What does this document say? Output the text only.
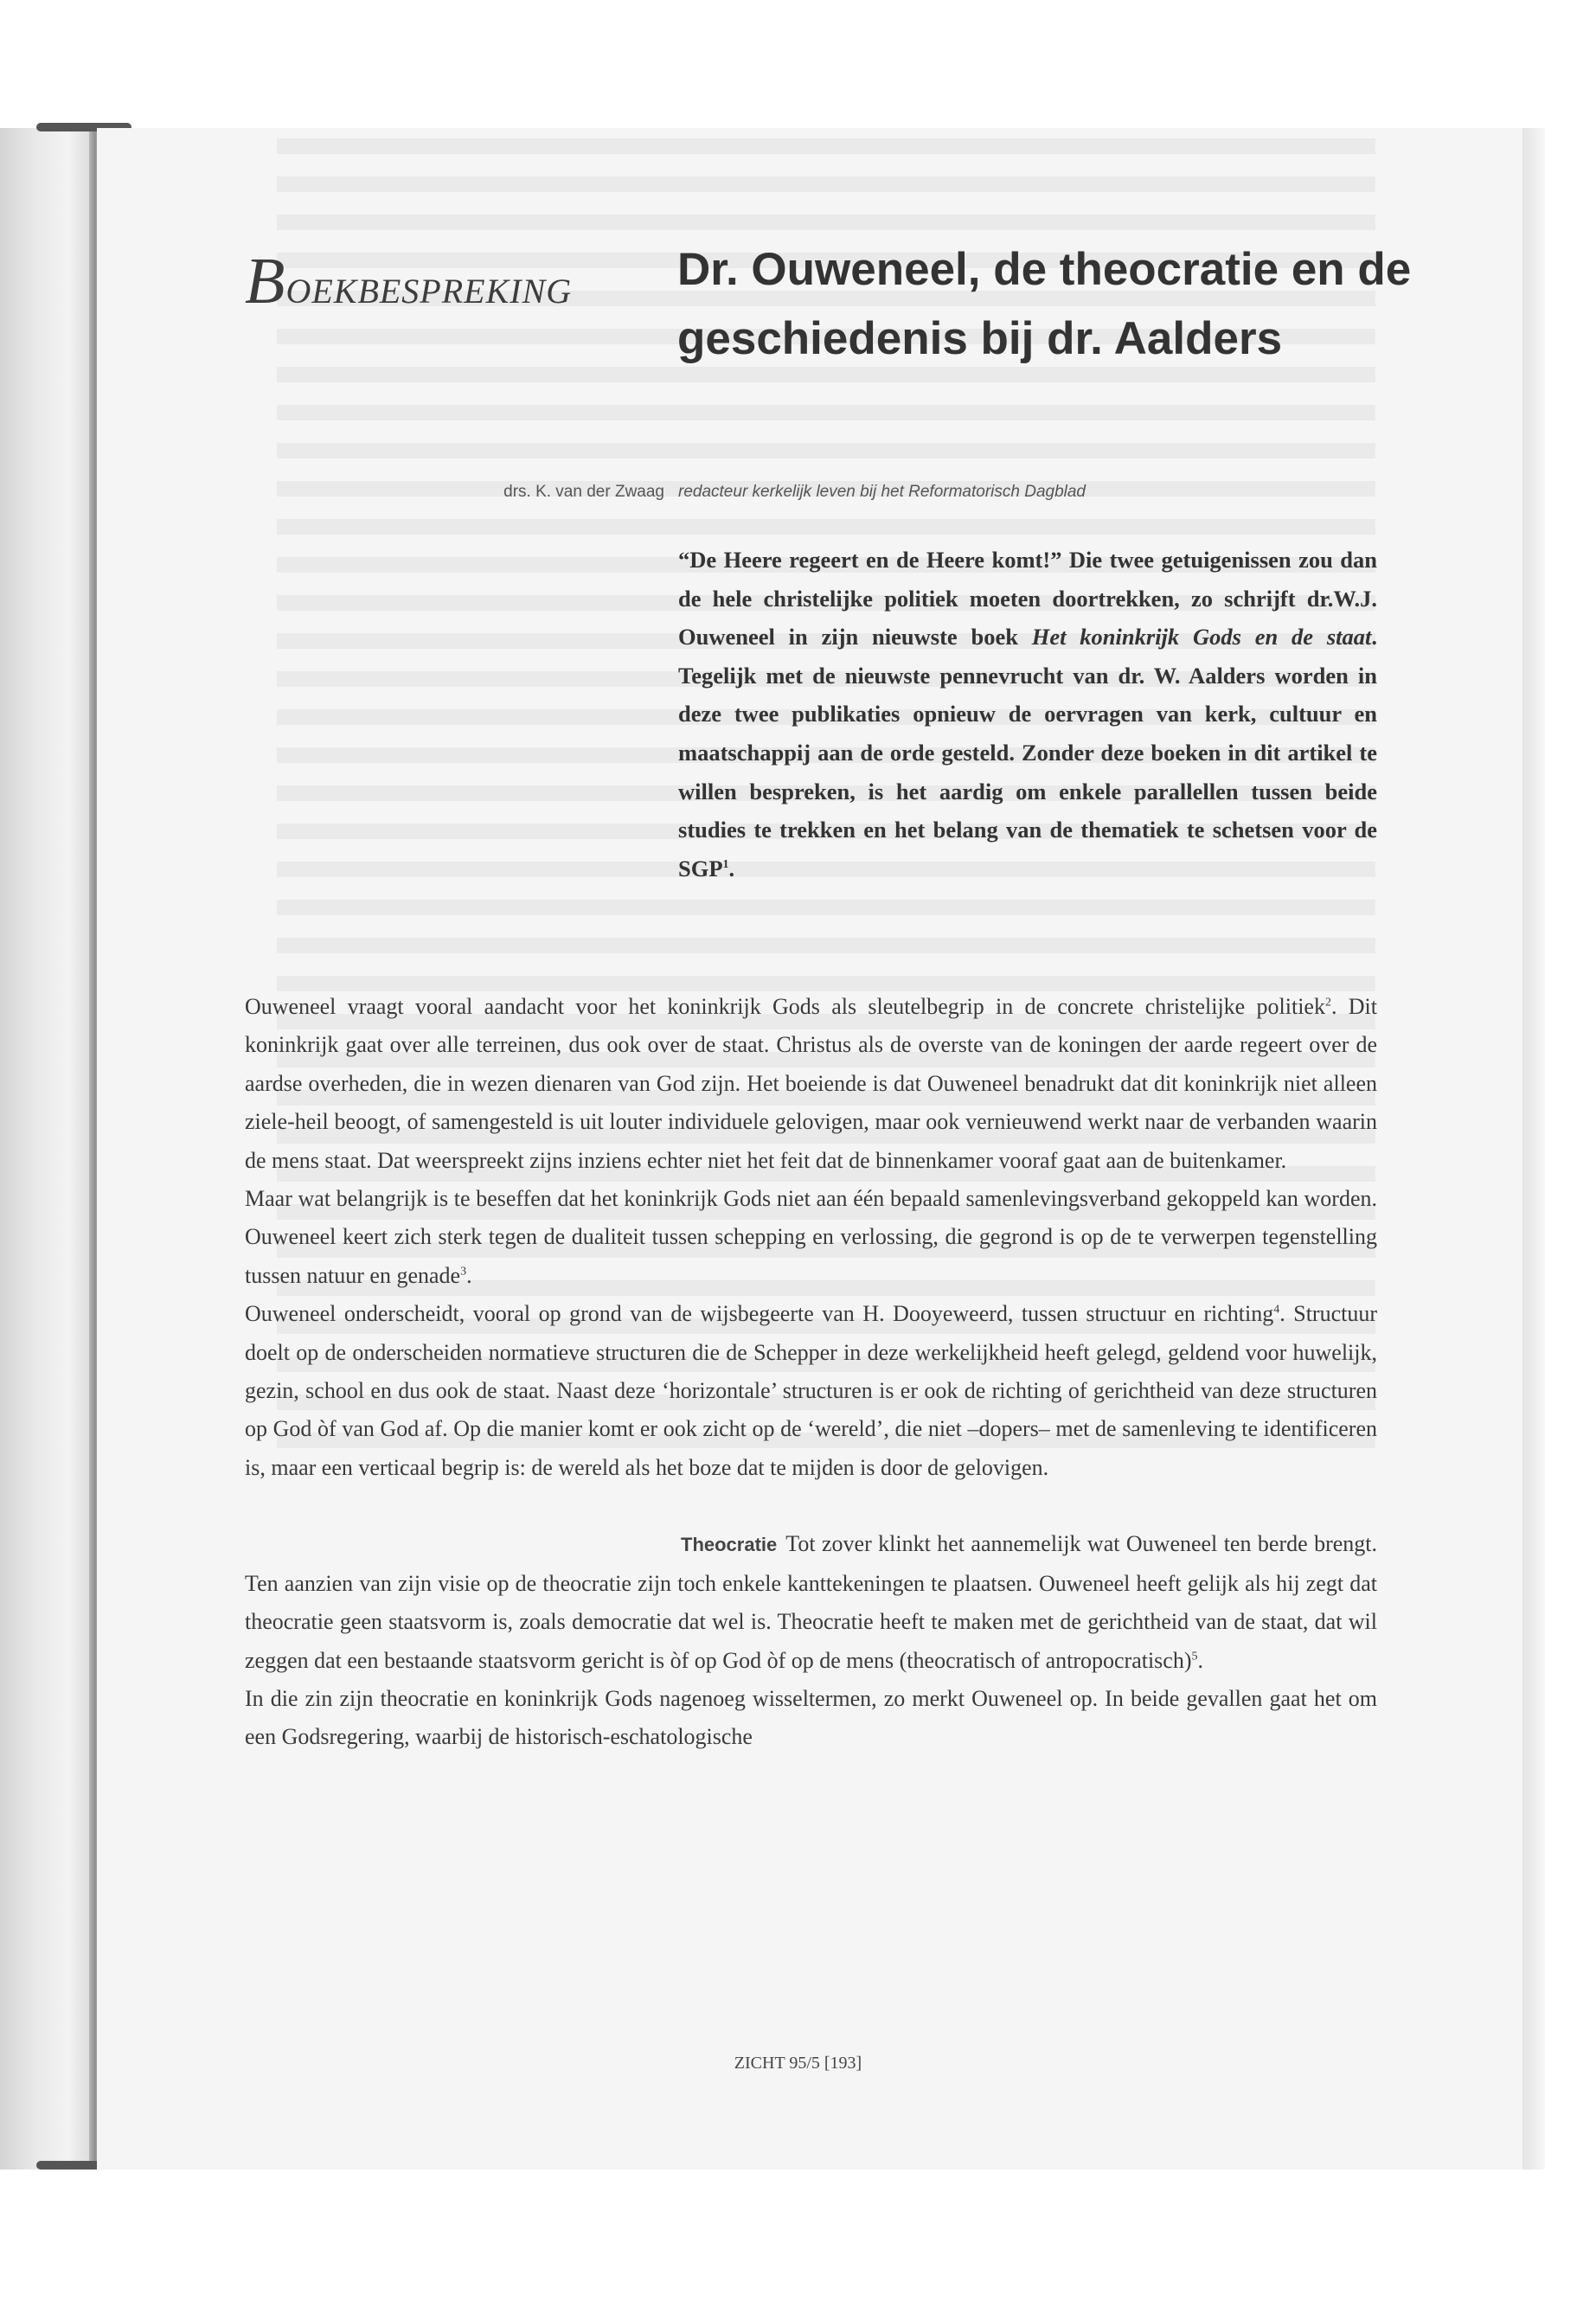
BOEKBESPREKING Dr. Ouweneel, de theocratie en de geschiedenis bij dr. Aalders
drs. K. van der Zwaag redacteur kerkelijk leven bij het Reformatorisch Dagblad
“De Heere regeert en de Heere komt!” Die twee getuigenissen zou dan de hele christelijke politiek moeten doortrekken, zo schrijft dr.W.J. Ouweneel in zijn nieuwste boek Het koninkrijk Gods en de staat. Tegelijk met de nieuwste pennevrucht van dr. W. Aalders worden in deze twee publikaties opnieuw de oervragen van kerk, cultuur en maatschappij aan de orde gesteld. Zonder deze boeken in dit artikel te willen bespreken, is het aardig om enkele parallellen tussen beide studies te trekken en het belang van de thematiek te schetsen voor de SGP$^1$.

Ouweneel vraagt vooral aandacht voor het koninkrijk Gods als sleutelbegrip in de concrete christelijke politiek$^2$. Dit koninkrijk gaat over alle terreinen, dus ook over de staat. Christus als de overste van de koningen der aarde regeert over de aardse overheden, die in wezen dienaren van God zijn. Het boeiende is dat Ouweneel benadrukt dat dit koninkrijk niet alleen ziele-heil beoogt, of samengesteld is uit louter individuele gelovigen, maar ook vernieuwend werkt naar de verbanden waarin de mens staat. Dat weerspreekt zijns inziens echter niet het feit dat de binnenkamer vooraf gaat aan de buitenkamer.

Maar wat belangrijk is te beseffen dat het koninkrijk Gods niet aan één bepaald samenlevingsverband gekoppeld kan worden. Ouweneel keert zich sterk tegen de dualiteit tussen schepping en verlossing, die gegrond is op de te verwerpen tegenstelling tussen natuur en genade$^3$.

Ouweneel onderscheidt, vooral op grond van de wijsbegeerte van H. Dooyeweerd, tussen structuur en richting$^4$. Structuur doelt op de onderscheiden normatieve structuren die de Schepper in deze werkelijkheid heeft gelegd, geldend voor huwelijk, gezin, school en dus ook de staat. Naast deze ‘horizontale’ structuren is er ook de richting of gerichtheid van deze structuren op God òf van God af. Op die manier komt er ook zicht op de ‘wereld’, die niet –dopers– met de samenleving te identificeren is, maar een verticaal begrip is: de wereld als het boze dat te mijden is door de gelovigen.

Theocratie Tot zover klinkt het aannemelijk wat Ouweneel ten berde brengt. Ten aanzien van zijn visie op de theocratie zijn toch enkele kanttekeningen te plaatsen. Ouweneel heeft gelijk als hij zegt dat theocratie geen staatsvorm is, zoals democratie dat wel is. Theocratie heeft te maken met de gerichtheid van de staat, dat wil zeggen dat een bestaande staatsvorm gericht is òf op God òf op de mens (theocratisch of antropocratisch)$^5$.

In die zin zijn theocratie en koninkrijk Gods nagenoeg wisseltermen, zo merkt Ouweneel op. In beide gevallen gaat het om een Godsregering, waarbij de historisch-eschatologische

ZICHT 95/5 [193]
